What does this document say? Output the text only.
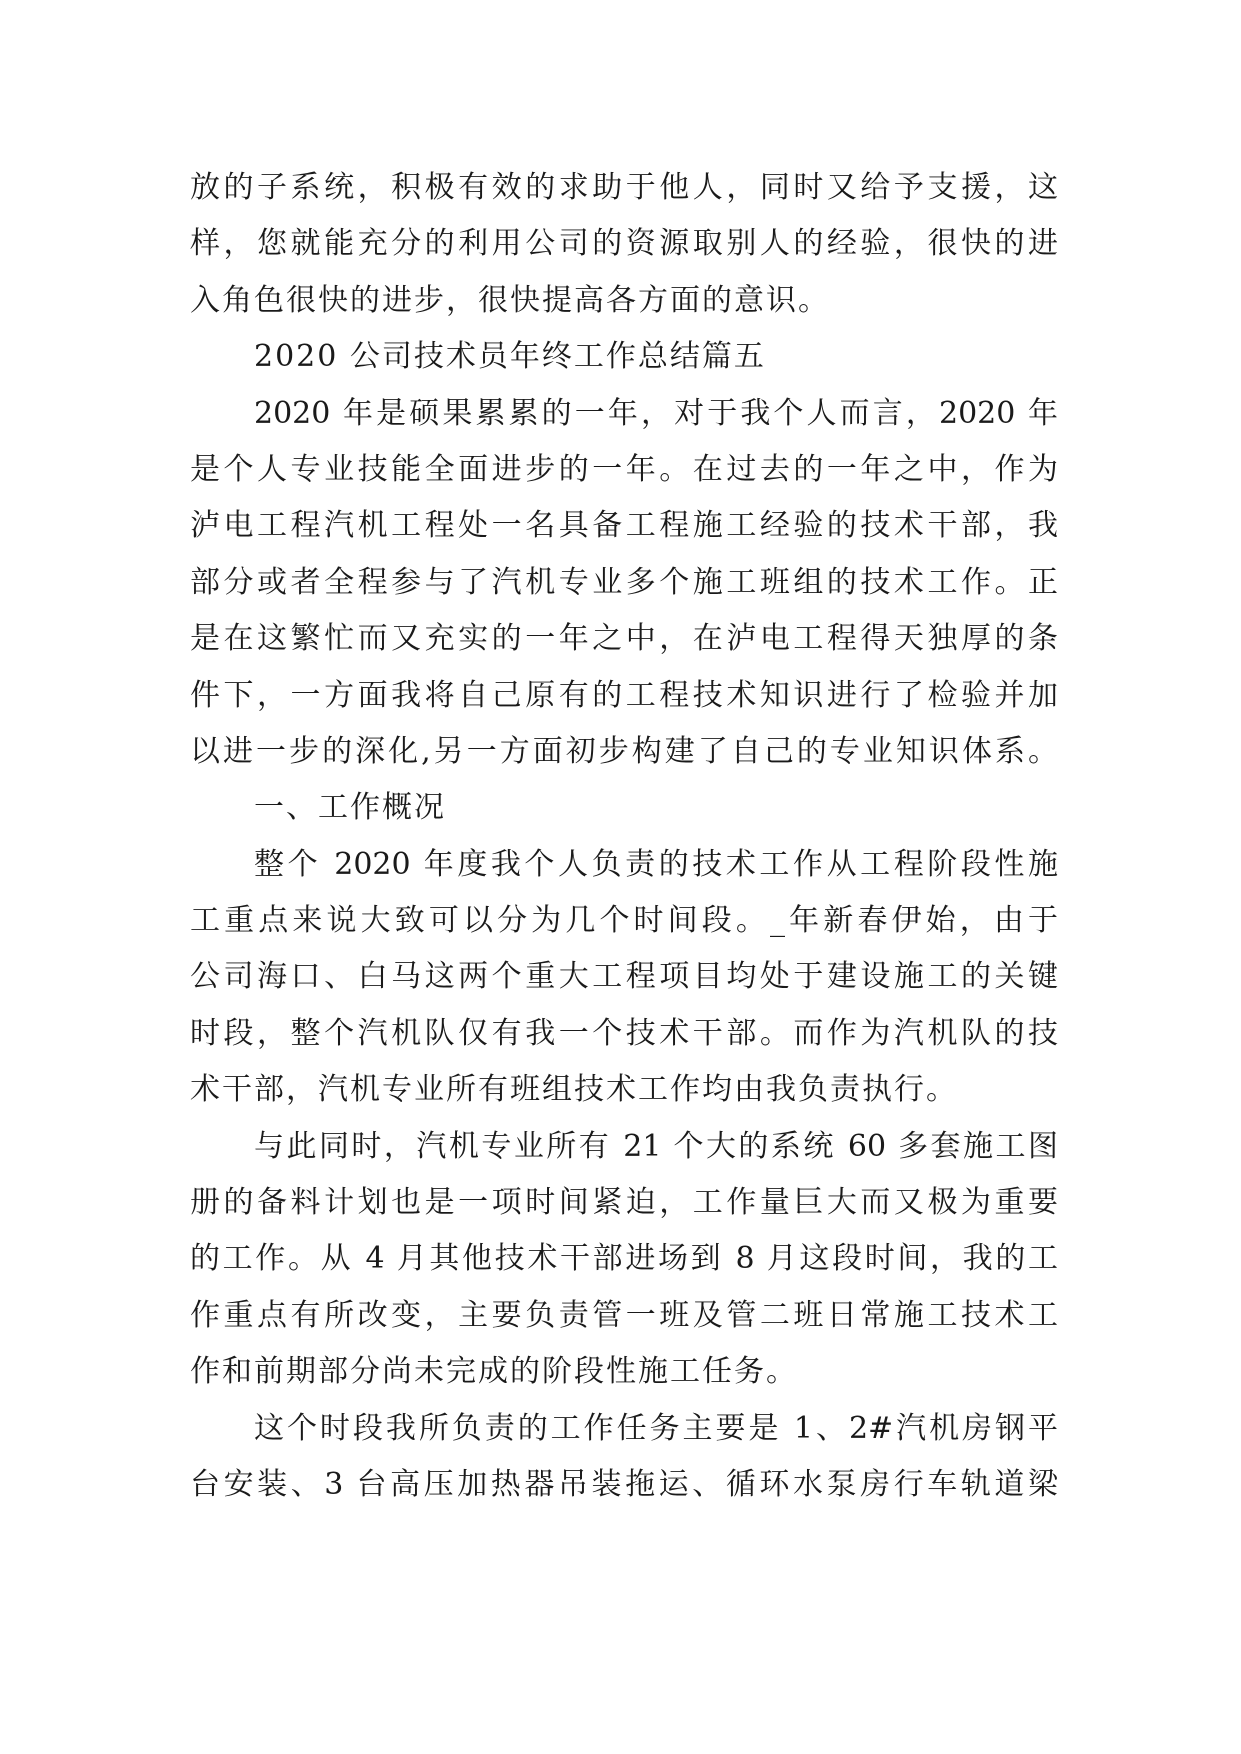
放的子系统，积极有效的求助于他人，同时又给予支援，这
样，您就能充分的利用公司的资源取别人的经验，很快的进
入角色很快的进步，很快提高各方面的意识。
2020 公司技术员年终工作总结篇五
2020 年是硕果累累的一年，对于我个人而言，2020 年
是个人专业技能全面进步的一年。在过去的一年之中，作为
泸电工程汽机工程处一名具备工程施工经验的技术干部，我
部分或者全程参与了汽机专业多个施工班组的技术工作。正
是在这繁忙而又充实的一年之中，在泸电工程得天独厚的条
件下，一方面我将自己原有的工程技术知识进行了检验并加
以进一步的深化,另一方面初步构建了自己的专业知识体系。
一、工作概况
整个 2020 年度我个人负责的技术工作从工程阶段性施
工重点来说大致可以分为几个时间段。_年新春伊始，由于
公司海口、白马这两个重大工程项目均处于建设施工的关键
时段，整个汽机队仅有我一个技术干部。而作为汽机队的技
术干部，汽机专业所有班组技术工作均由我负责执行。
与此同时，汽机专业所有 21 个大的系统 60 多套施工图
册的备料计划也是一项时间紧迫，工作量巨大而又极为重要
的工作。从 4 月其他技术干部进场到 8 月这段时间，我的工
作重点有所改变，主要负责管一班及管二班日常施工技术工
作和前期部分尚未完成的阶段性施工任务。
这个时段我所负责的工作任务主要是 1、2#汽机房钢平
台安装、3 台高压加热器吊装拖运、循环水泵房行车轨道梁
